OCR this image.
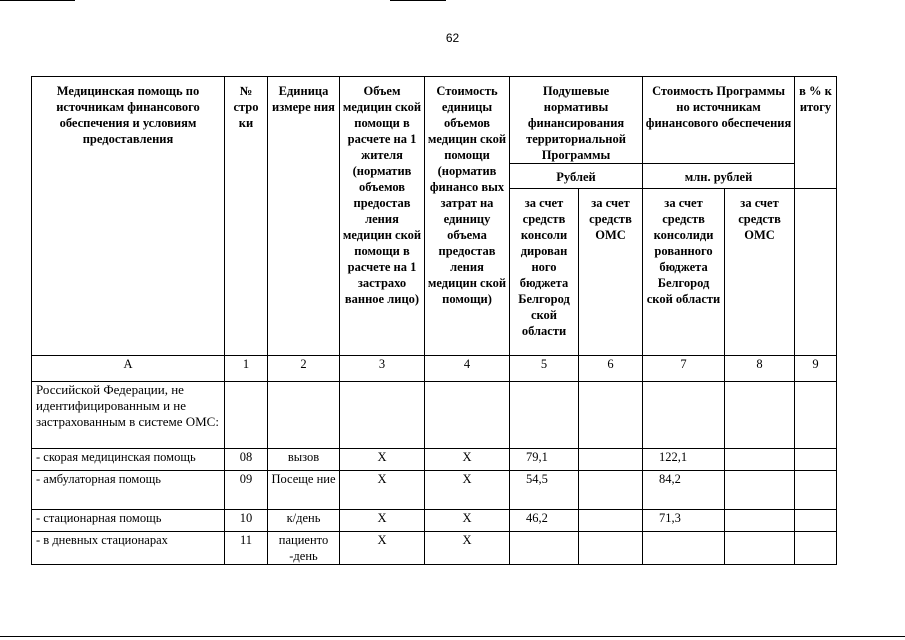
62
Медицинская помощь по источникам финансового обеспечения и условиям предоставления	№ стро ки	Единица измере ния	Объем медицин ской помощи в расчете на 1 жителя (норматив объемов предостав ления медицин ской помощи в расчете на 1 застрахо ванное лицо)	Стоимость единицы объемов медицин ской помощи (норматив финансо вых затрат на единицу объема предостав ления медицин ской помощи)	Подушевые нормативы финансирования территориальной Программы		Стоимость Программы но источникам финансового обеспечения		в % к итогу

					Рублей		млн. рублей		

					за счет средств консоли дирован ного бюджета Белгород ской области	за счет средств ОМС	за счет средств консолиди рованного бюджета Белгород ской области	за счет средств ОМС	

А	1	2	3	4	5	6	7	8	9
Российской Федерации, не идентифицированным и не застрахованным в системе ОМС:									
- скорая медицинская помощь	08	вызов	X	X	79,1		122,1		

- амбулаторная помощь	09	Посеще ние	X	X	54,5		84,2		

- стационарная помощь	10	к/день	X	X	46,2		71,3		

- в дневных стационарах	11	пациенто -день	X	X	
